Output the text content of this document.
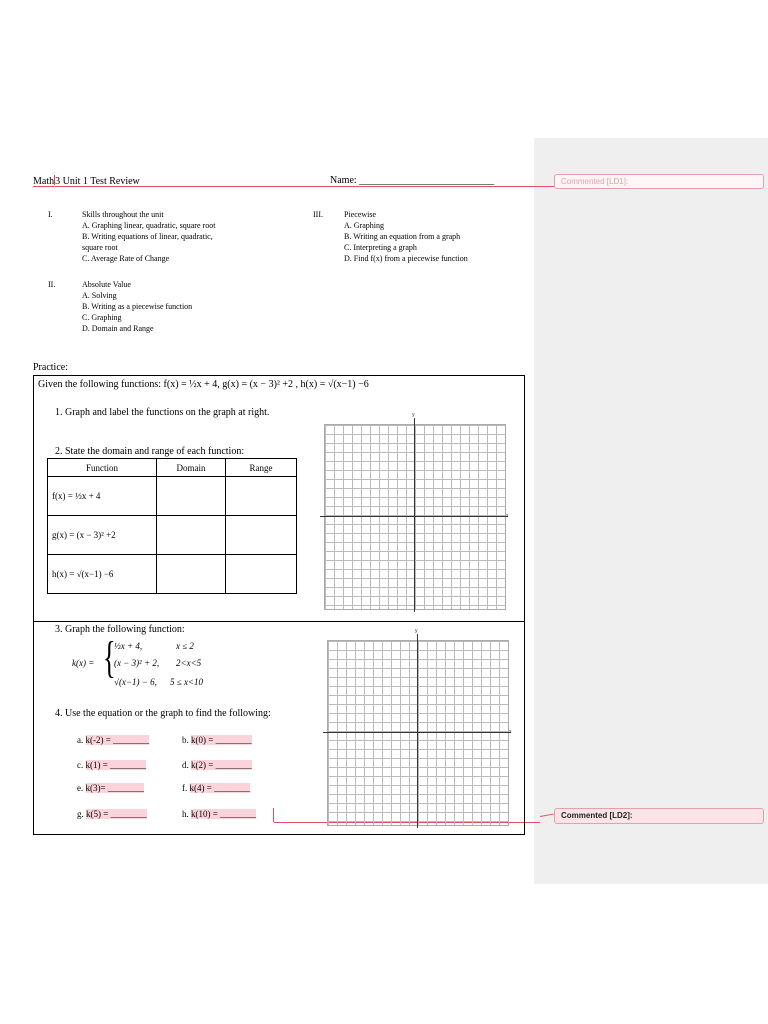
Commented [LD1]:
Commented [LD2]:
Math3 Unit 1 Test Review	Name: ___________________________
I.	Skills throughout the unit
A. Graphing linear, quadratic, square root
B. Writing equations of linear, quadratic,
square root
C. Average Rate of Change
III.	Piecewise
A. Graphing
B. Writing an equation from a graph
C. Interpreting a graph
D. Find f(x) from a piecewise function
II.	Absolute Value
A. Solving
B. Writing as a piecewise function
C. Graphing
D. Domain and Range
Practice:
Given the following functions: f(x) = ½x + 4, g(x) = (x − 3)² +2 , h(x) = √(x−1) −6
1. Graph and label the functions on the graph at right.
2. State the domain and range of each function:
Function	Domain	Range
f(x) = ½x + 4		
g(x) = (x − 3)² +2		
h(x) = √(x−1) −6		
y
x
3. Graph the following function:
k(x) = {
½x + 4,	x ≤ 2
(x − 3)² + 2, 2<x<5
√(x−1) − 6, 5 ≤ x<10
4. Use the equation or the graph to find the following:
a. k(-2) = ________	b. k(0) = ________
c. k(1) = ________	d. k(2) = ________
e. k(3)= ________	f. k(4) = ________
g. k(5) = ________	h. k(10) = ________
y
x
